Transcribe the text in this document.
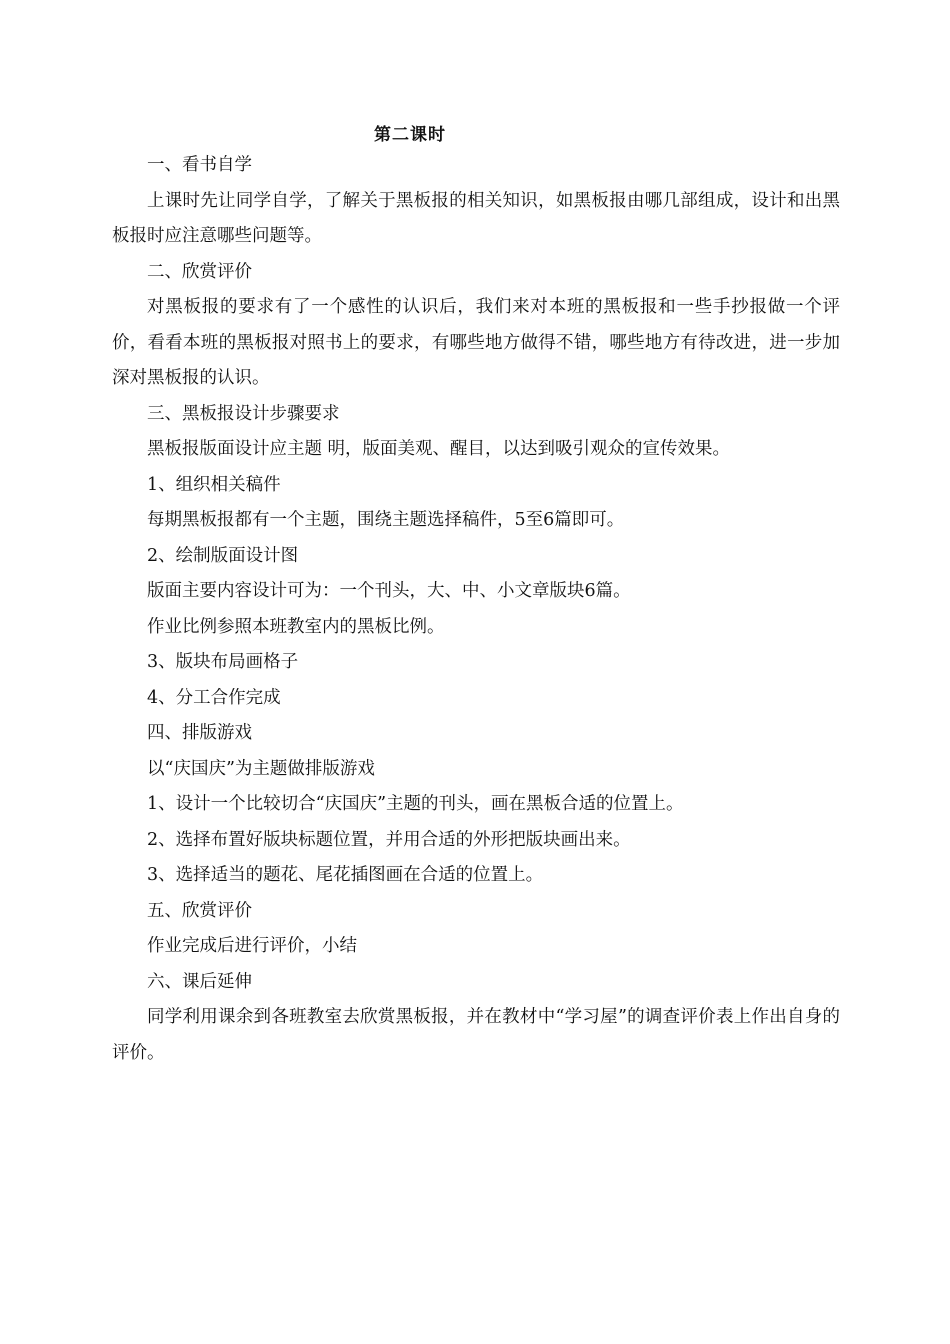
第二课时

一、看书自学

上课时先让同学自学，了解关于黑板报的相关知识，如黑板报由哪几部组成，设计和出黑板报时应注意哪些问题等。

二、欣赏评价

对黑板报的要求有了一个感性的认识后，我们来对本班的黑板报和一些手抄报做一个评价，看看本班的黑板报对照书上的要求，有哪些地方做得不错，哪些地方有待改进，进一步加深对黑板报的认识。

三、黑板报设计步骤要求

黑板报版面设计应主题 明，版面美观、醒目，以达到吸引观众的宣传效果。

1、组织相关稿件

每期黑板报都有一个主题，围绕主题选择稿件，5至6篇即可。

2、绘制版面设计图

版面主要内容设计可为：一个刊头，大、中、小文章版块6篇。

作业比例参照本班教室内的黑板比例。

3、版块布局画格子

4、分工合作完成

四、排版游戏

以“庆国庆”为主题做排版游戏

1、设计一个比较切合“庆国庆”主题的刊头，画在黑板合适的位置上。

2、选择布置好版块标题位置，并用合适的外形把版块画出来。

3、选择适当的题花、尾花插图画在合适的位置上。

五、欣赏评价

作业完成后进行评价，小结

六、课后延伸

同学利用课余到各班教室去欣赏黑板报，并在教材中“学习屋”的调查评价表上作出自身的评价。
